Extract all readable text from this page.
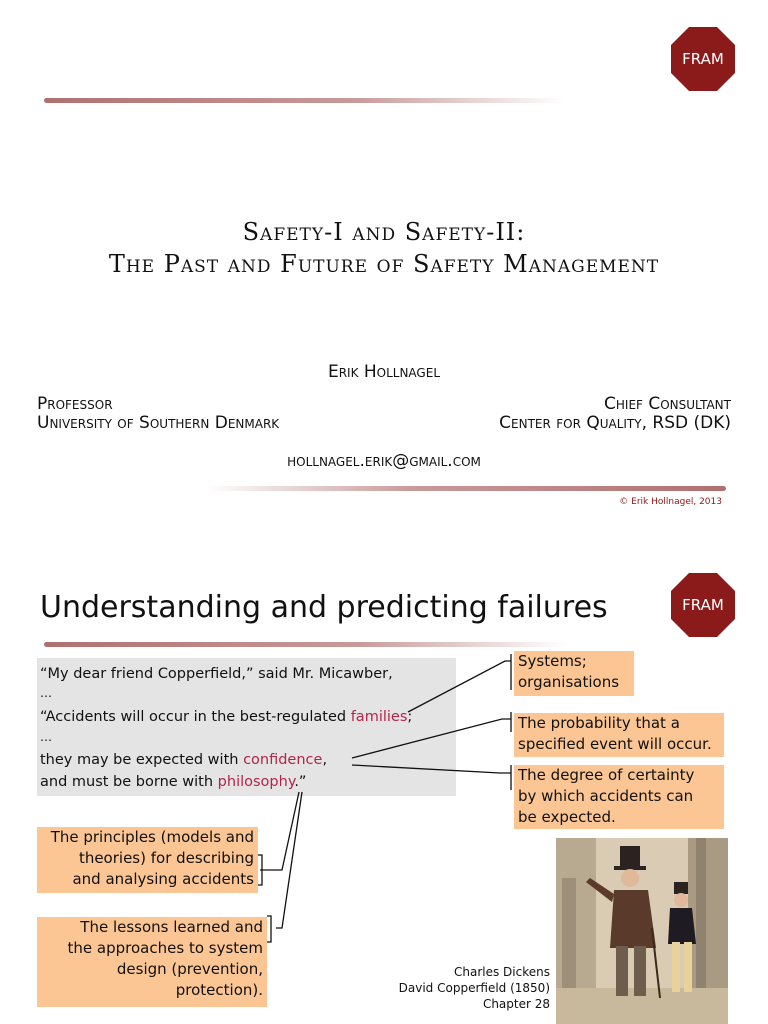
FRAM
Safety-I and Safety-II:
The Past and Future of Safety Management
Erik Hollnagel
Professor
University of Southern Denmark
Chief Consultant
Center for Quality, RSD (DK)
hollnagel.erik@gmail.com
© Erik Hollnagel, 2013
FRAM
Understanding and predicting failures
“My dear friend Copperfield,” said Mr. Micawber,
…
“Accidents will occur in the best-regulated families;
…
they may be expected with confidence,
and must be borne with philosophy.”
Systems;
organisations
The probability that a
specified event will occur.
The degree of certainty
by which accidents can
be expected.
The principles (models and
theories) for describing
and analysing accidents
The lessons learned and
the approaches to system
design (prevention,
protection).
Charles Dickens
David Copperfield (1850)
Chapter 28
